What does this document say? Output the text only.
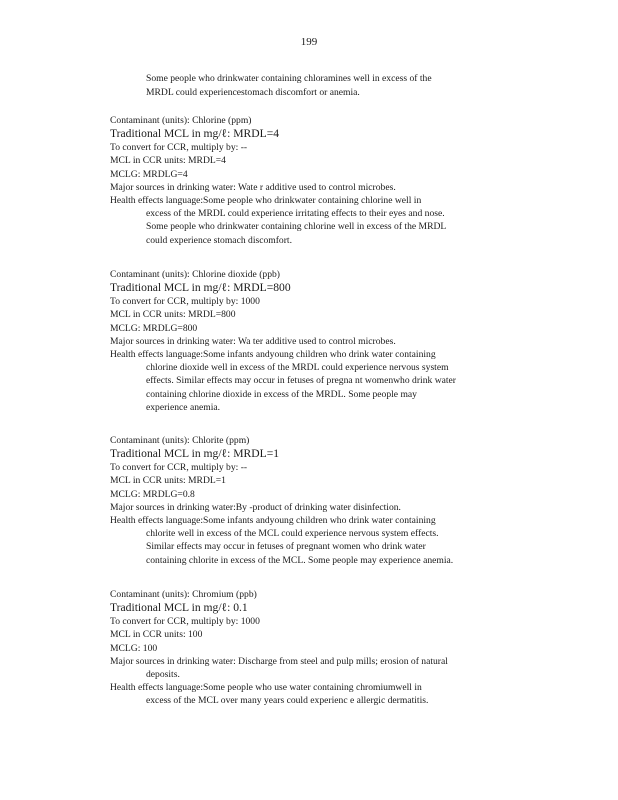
199
Some people who drinkwater containing chloramines well in excess of the
MRDL could experiencestomach discomfort or anemia.
Contaminant (units): Chlorine (ppm)
Traditional MCL in mg/ℓ: MRDL=4
To convert for CCR, multiply by: --
MCL in CCR units: MRDL=4
MCLG: MRDLG=4
Major sources in drinking water: Wate r additive used to control microbes.
Health effects language:Some people who drinkwater containing chlorine well in
excess of the MRDL could experience irritating effects to their eyes and nose.
Some people who drinkwater containing chlorine well in excess of the MRDL
could experience stomach discomfort.
Contaminant (units): Chlorine dioxide (ppb)
Traditional MCL in mg/ℓ: MRDL=800
To convert for CCR, multiply by: 1000
MCL in CCR units: MRDL=800
MCLG: MRDLG=800
Major sources in drinking water: Wa ter additive used to control microbes.
Health effects language:Some infants andyoung children who drink water containing
chlorine dioxide well in excess of the MRDL could experience nervous system
effects. Similar effects may occur in fetuses of pregna nt womenwho drink water
containing chlorine dioxide in excess of the MRDL. Some people may
experience anemia.
Contaminant (units): Chlorite (ppm)
Traditional MCL in mg/ℓ: MRDL=1
To convert for CCR, multiply by: --
MCL in CCR units: MRDL=1
MCLG: MRDLG=0.8
Major sources in drinking water:By -product of drinking water disinfection.
Health effects language:Some infants andyoung children who drink water containing
chlorite well in excess of the MCL could experience nervous system effects.
Similar effects may occur in fetuses of pregnant women who drink water
containing chlorite in excess of the MCL. Some people may experience anemia.
Contaminant (units): Chromium (ppb)
Traditional MCL in mg/ℓ: 0.1
To convert for CCR, multiply by: 1000
MCL in CCR units: 100
MCLG: 100
Major sources in drinking water: Discharge from steel and pulp mills; erosion of natural
deposits.
Health effects language:Some people who use water containing chromiumwell in
excess of the MCL over many years could experienc e allergic dermatitis.
